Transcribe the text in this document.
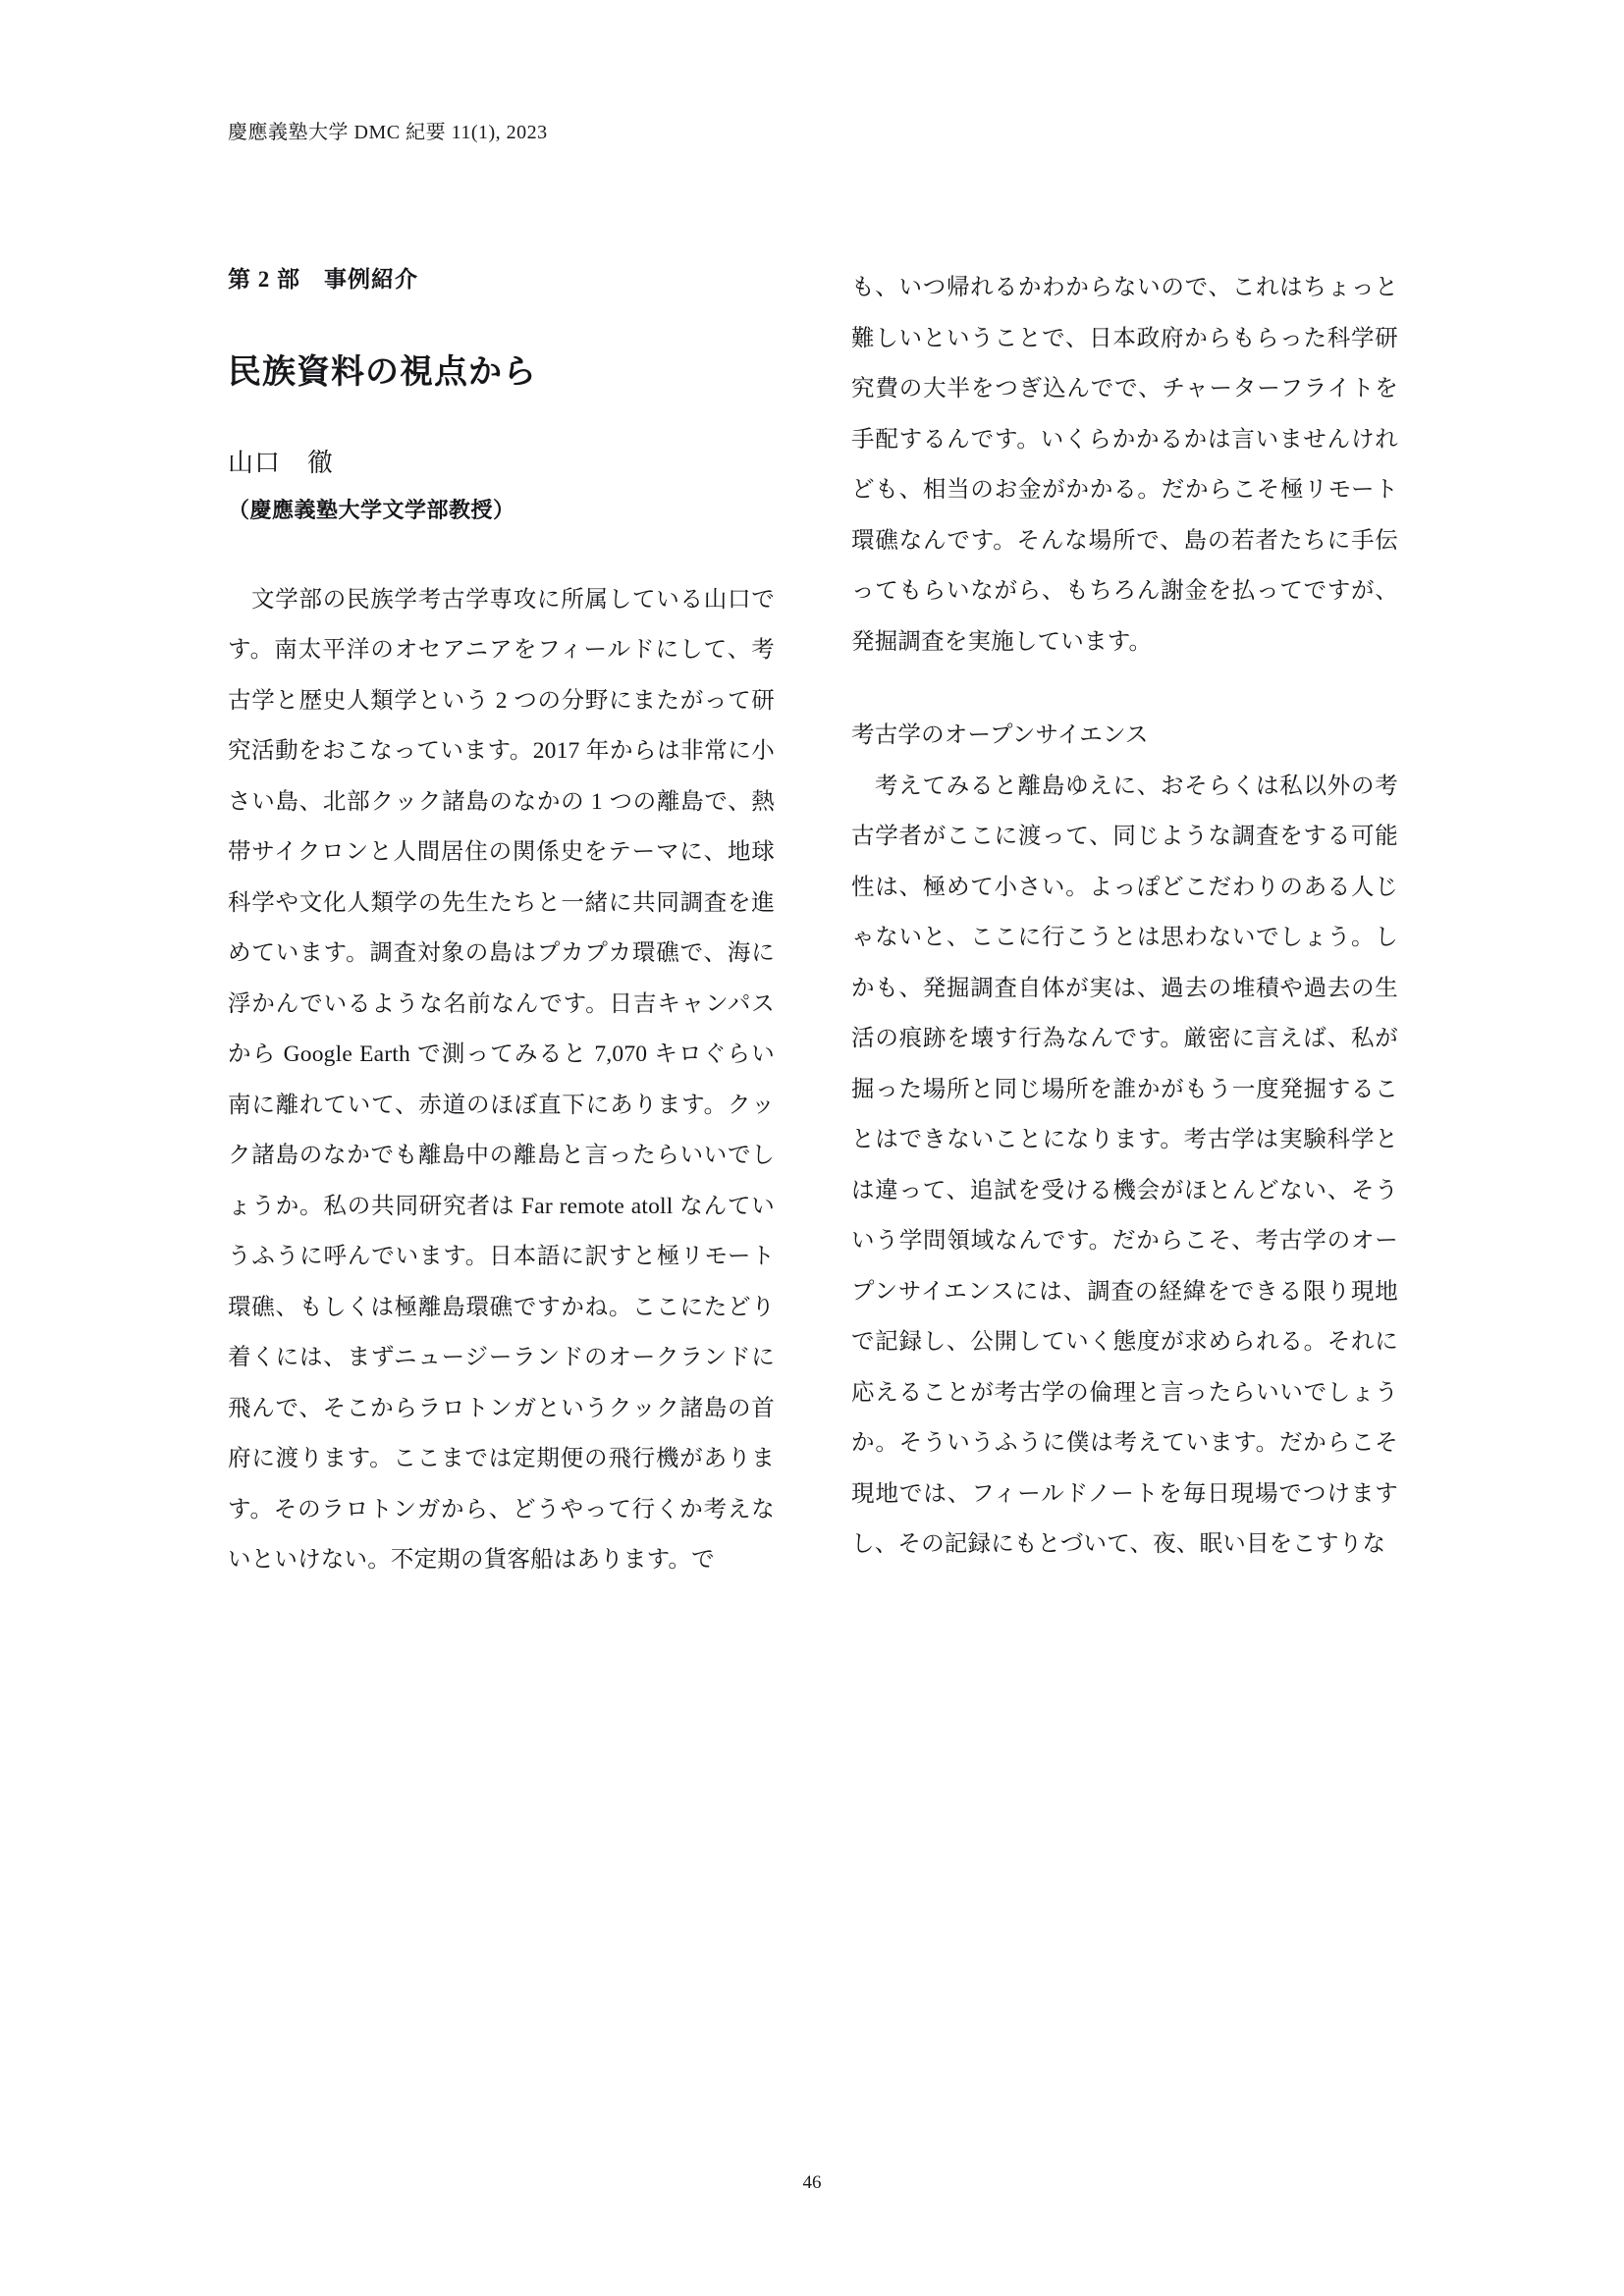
慶應義塾大学 DMC 紀要 11(1), 2023
第 2 部　事例紹介
民族資料の視点から
山口　徹
（慶應義塾大学文学部教授）

文学部の民族学考古学専攻に所属している山口です。南太平洋のオセアニアをフィールドにして、考古学と歴史人類学という 2 つの分野にまたがって研究活動をおこなっています。2017 年からは非常に小さい島、北部クック諸島のなかの 1 つの離島で、熱帯サイクロンと人間居住の関係史をテーマに、地球科学や文化人類学の先生たちと一緒に共同調査を進めています。調査対象の島はプカプカ環礁で、海に浮かんでいるような名前なんです。日吉キャンパスから Google Earth で測ってみると 7,070 キロぐらい南に離れていて、赤道のほぼ直下にあります。クック諸島のなかでも離島中の離島と言ったらいいでしょうか。私の共同研究者は Far remote atoll なんていうふうに呼んでいます。日本語に訳すと極リモート環礁、もしくは極離島環礁ですかね。ここにたどり着くには、まずニュージーランドのオークランドに飛んで、そこからラロトンガというクック諸島の首府に渡ります。ここまでは定期便の飛行機があります。そのラロトンガから、どうやって行くか考えないといけない。不定期の貨客船はあります。で

も、いつ帰れるかわからないので、これはちょっと難しいということで、日本政府からもらった科学研究費の大半をつぎ込んでで、チャーターフライトを手配するんです。いくらかかるかは言いませんけれども、相当のお金がかかる。だからこそ極リモート環礁なんです。そんな場所で、島の若者たちに手伝ってもらいながら、もちろん謝金を払ってですが、発掘調査を実施しています。

考古学のオープンサイエンス

考えてみると離島ゆえに、おそらくは私以外の考古学者がここに渡って、同じような調査をする可能性は、極めて小さい。よっぽどこだわりのある人じゃないと、ここに行こうとは思わないでしょう。しかも、発掘調査自体が実は、過去の堆積や過去の生活の痕跡を壊す行為なんです。厳密に言えば、私が掘った場所と同じ場所を誰かがもう一度発掘することはできないことになります。考古学は実験科学とは違って、追試を受ける機会がほとんどない、そういう学問領域なんです。だからこそ、考古学のオープンサイエンスには、調査の経緯をできる限り現地で記録し、公開していく態度が求められる。それに応えることが考古学の倫理と言ったらいいでしょうか。そういうふうに僕は考えています。だからこそ現地では、フィールドノートを毎日現場でつけますし、その記録にもとづいて、夜、眠い目をこすりな

46
